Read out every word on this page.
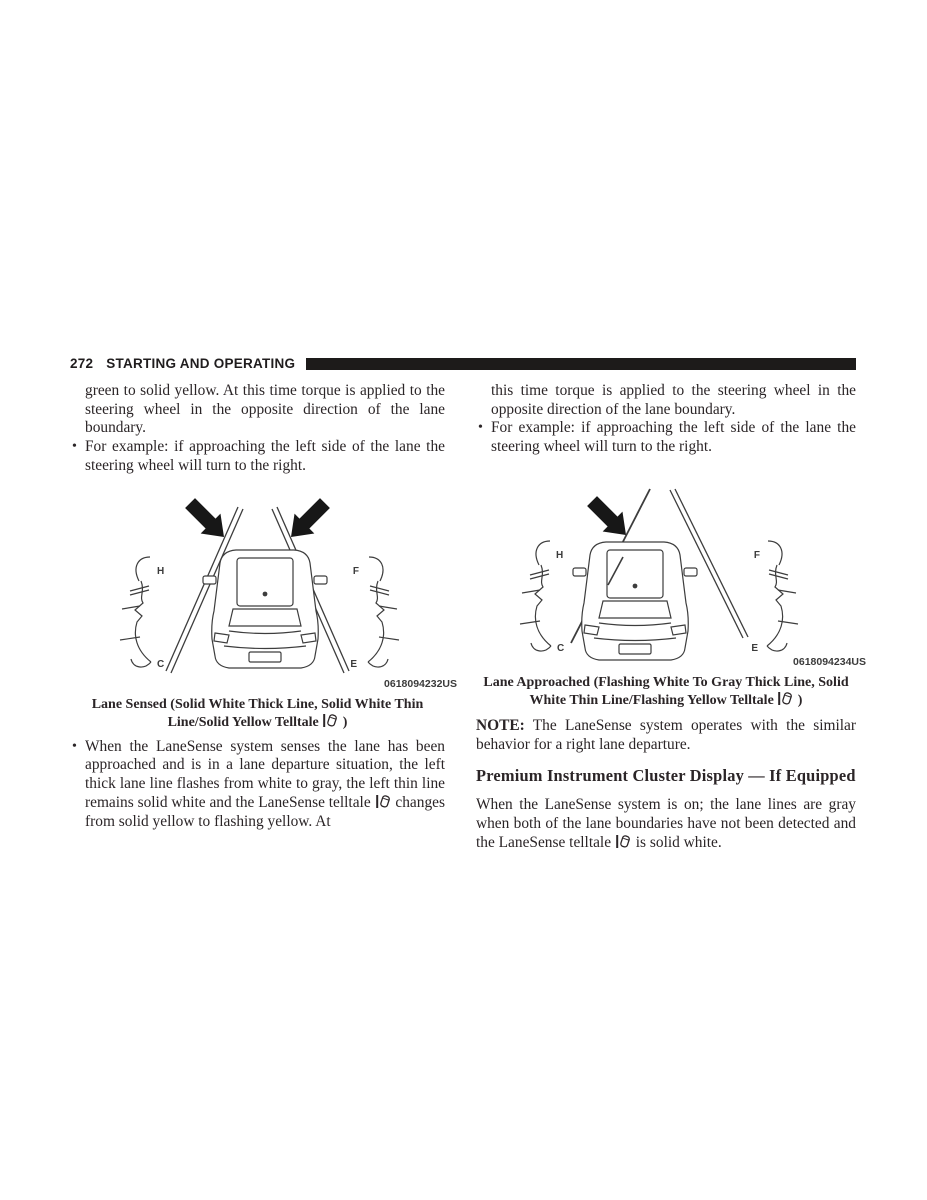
272 STARTING AND OPERATING
green to solid yellow. At this time torque is applied to the steering wheel in the opposite direction of the lane boundary.
• For example: if approaching the left side of the lane the steering wheel will turn to the right.
H
C
F
E
0618094232US
Lane Sensed (Solid White Thick Line, Solid White Thin Line/Solid Yellow Telltale )
• When the LaneSense system senses the lane has been approached and is in a lane departure situation, the left thick lane line flashes from white to gray, the left thin line remains solid white and the LaneSense telltale changes from solid yellow to flashing yellow. At
this time torque is applied to the steering wheel in the opposite direction of the lane boundary.
• For example: if approaching the left side of the lane the steering wheel will turn to the right.
H
C
F
E
0618094234US
Lane Approached (Flashing White To Gray Thick Line, Solid White Thin Line/Flashing Yellow Telltale )
NOTE: The LaneSense system operates with the similar behavior for a right lane departure.
Premium Instrument Cluster Display — If Equipped
When the LaneSense system is on; the lane lines are gray when both of the lane boundaries have not been detected and the LaneSense telltale is solid white.
